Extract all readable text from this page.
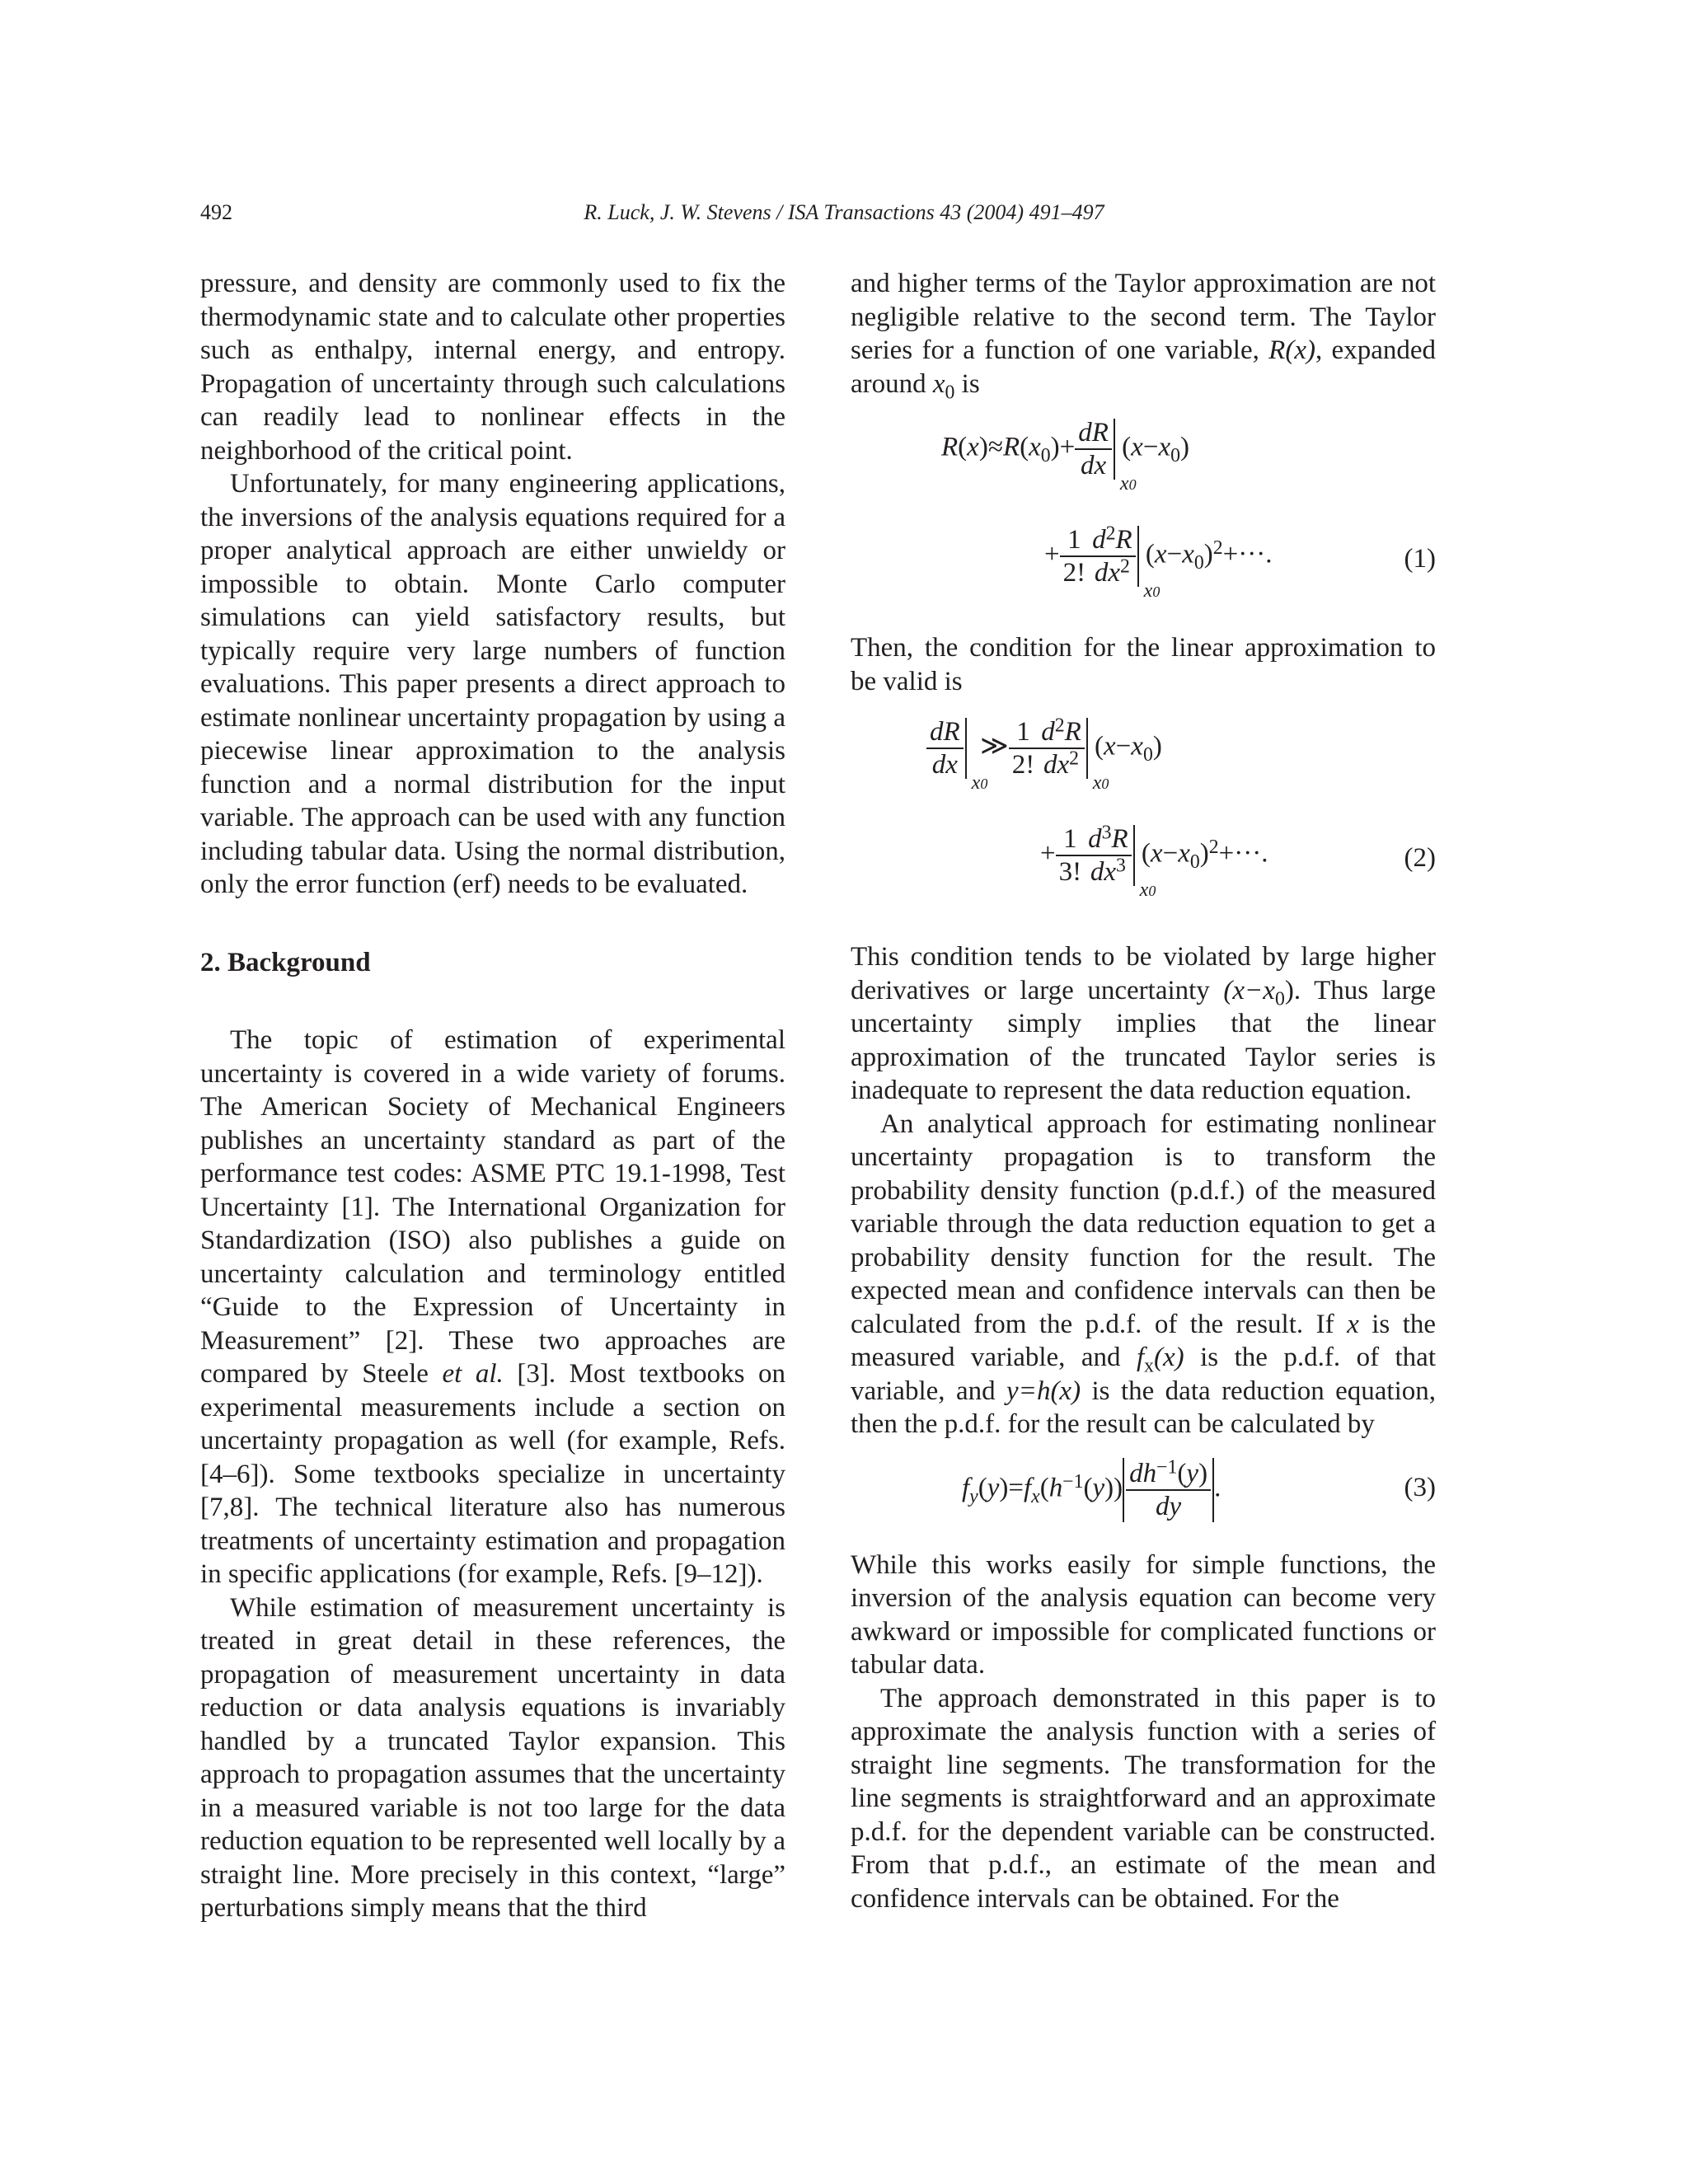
492	R. Luck, J. W. Stevens / ISA Transactions 43 (2004) 491–497

pressure, and density are commonly used to fix the thermodynamic state and to calculate other properties such as enthalpy, internal energy, and entropy. Propagation of uncertainty through such calculations can readily lead to nonlinear effects in the neighborhood of the critical point.

Unfortunately, for many engineering applications, the inversions of the analysis equations required for a proper analytical approach are either unwieldy or impossible to obtain. Monte Carlo computer simulations can yield satisfactory results, but typically require very large numbers of function evaluations. This paper presents a direct approach to estimate nonlinear uncertainty propagation by using a piecewise linear approximation to the analysis function and a normal distribution for the input variable. The approach can be used with any function including tabular data. Using the normal distribution, only the error function (erf) needs to be evaluated.

2. Background

The topic of estimation of experimental uncertainty is covered in a wide variety of forums. The American Society of Mechanical Engineers publishes an uncertainty standard as part of the performance test codes: ASME PTC 19.1-1998, Test Uncertainty [1]. The International Organization for Standardization (ISO) also publishes a guide on uncertainty calculation and terminology entitled “Guide to the Expression of Uncertainty in Measurement” [2]. These two approaches are compared by Steele et al. [3]. Most textbooks on experimental measurements include a section on uncertainty propagation as well (for example, Refs. [4–6]). Some textbooks specialize in uncertainty [7,8]. The technical literature also has numerous treatments of uncertainty estimation and propagation in specific applications (for example, Refs. [9–12]).

While estimation of measurement uncertainty is treated in great detail in these references, the propagation of measurement uncertainty in data reduction or data analysis equations is invariably handled by a truncated Taylor expansion. This approach to propagation assumes that the uncertainty in a measured variable is not too large for the data reduction equation to be represented well locally by a straight line. More precisely in this context, “large” perturbations simply means that the third

and higher terms of the Taylor approximation are not negligible relative to the second term. The Taylor series for a function of one variable, R(x), expanded around $x_0$ is

$R(x)\approx R(x_0)+ \frac{dR}{dx}$
x0
$(x-x_0)$
+ $\frac{1}{2!} \frac{d^2R}{dx^2}$
x0
$(x-x_0)^2+\cdot\cdot\cdot$.	(1)

Then, the condition for the linear approximation to be valid is

$\frac{dR}{dx}$
x0
≫ $\frac{1}{2!} \frac{d^2R}{dx^2}$
x0
$(x-x_0)$
+ $\frac{1}{3!} \frac{d^3R}{dx^3}$
x0
$(x-x_0)^2+\cdot\cdot\cdot$.	(2)

This condition tends to be violated by large higher derivatives or large uncertainty $(x-x_0)$. Thus large uncertainty simply implies that the linear approximation of the truncated Taylor series is inadequate to represent the data reduction equation.

An analytical approach for estimating nonlinear uncertainty propagation is to transform the probability density function (p.d.f.) of the measured variable through the data reduction equation to get a probability density function for the result. The expected mean and confidence intervals can then be calculated from the p.d.f. of the result. If x is the measured variable, and $f_x(x)$ is the p.d.f. of that variable, and y=h(x) is the data reduction equation, then the p.d.f. for the result can be calculated by

$f_y(y)=f_x(h^{-1}(y)) \frac{dh^{-1}(y)}{dy}$ .	(3)

While this works easily for simple functions, the inversion of the analysis equation can become very awkward or impossible for complicated functions or tabular data.

The approach demonstrated in this paper is to approximate the analysis function with a series of straight line segments. The transformation for the line segments is straightforward and an approximate p.d.f. for the dependent variable can be constructed. From that p.d.f., an estimate of the mean and confidence intervals can be obtained. For the
